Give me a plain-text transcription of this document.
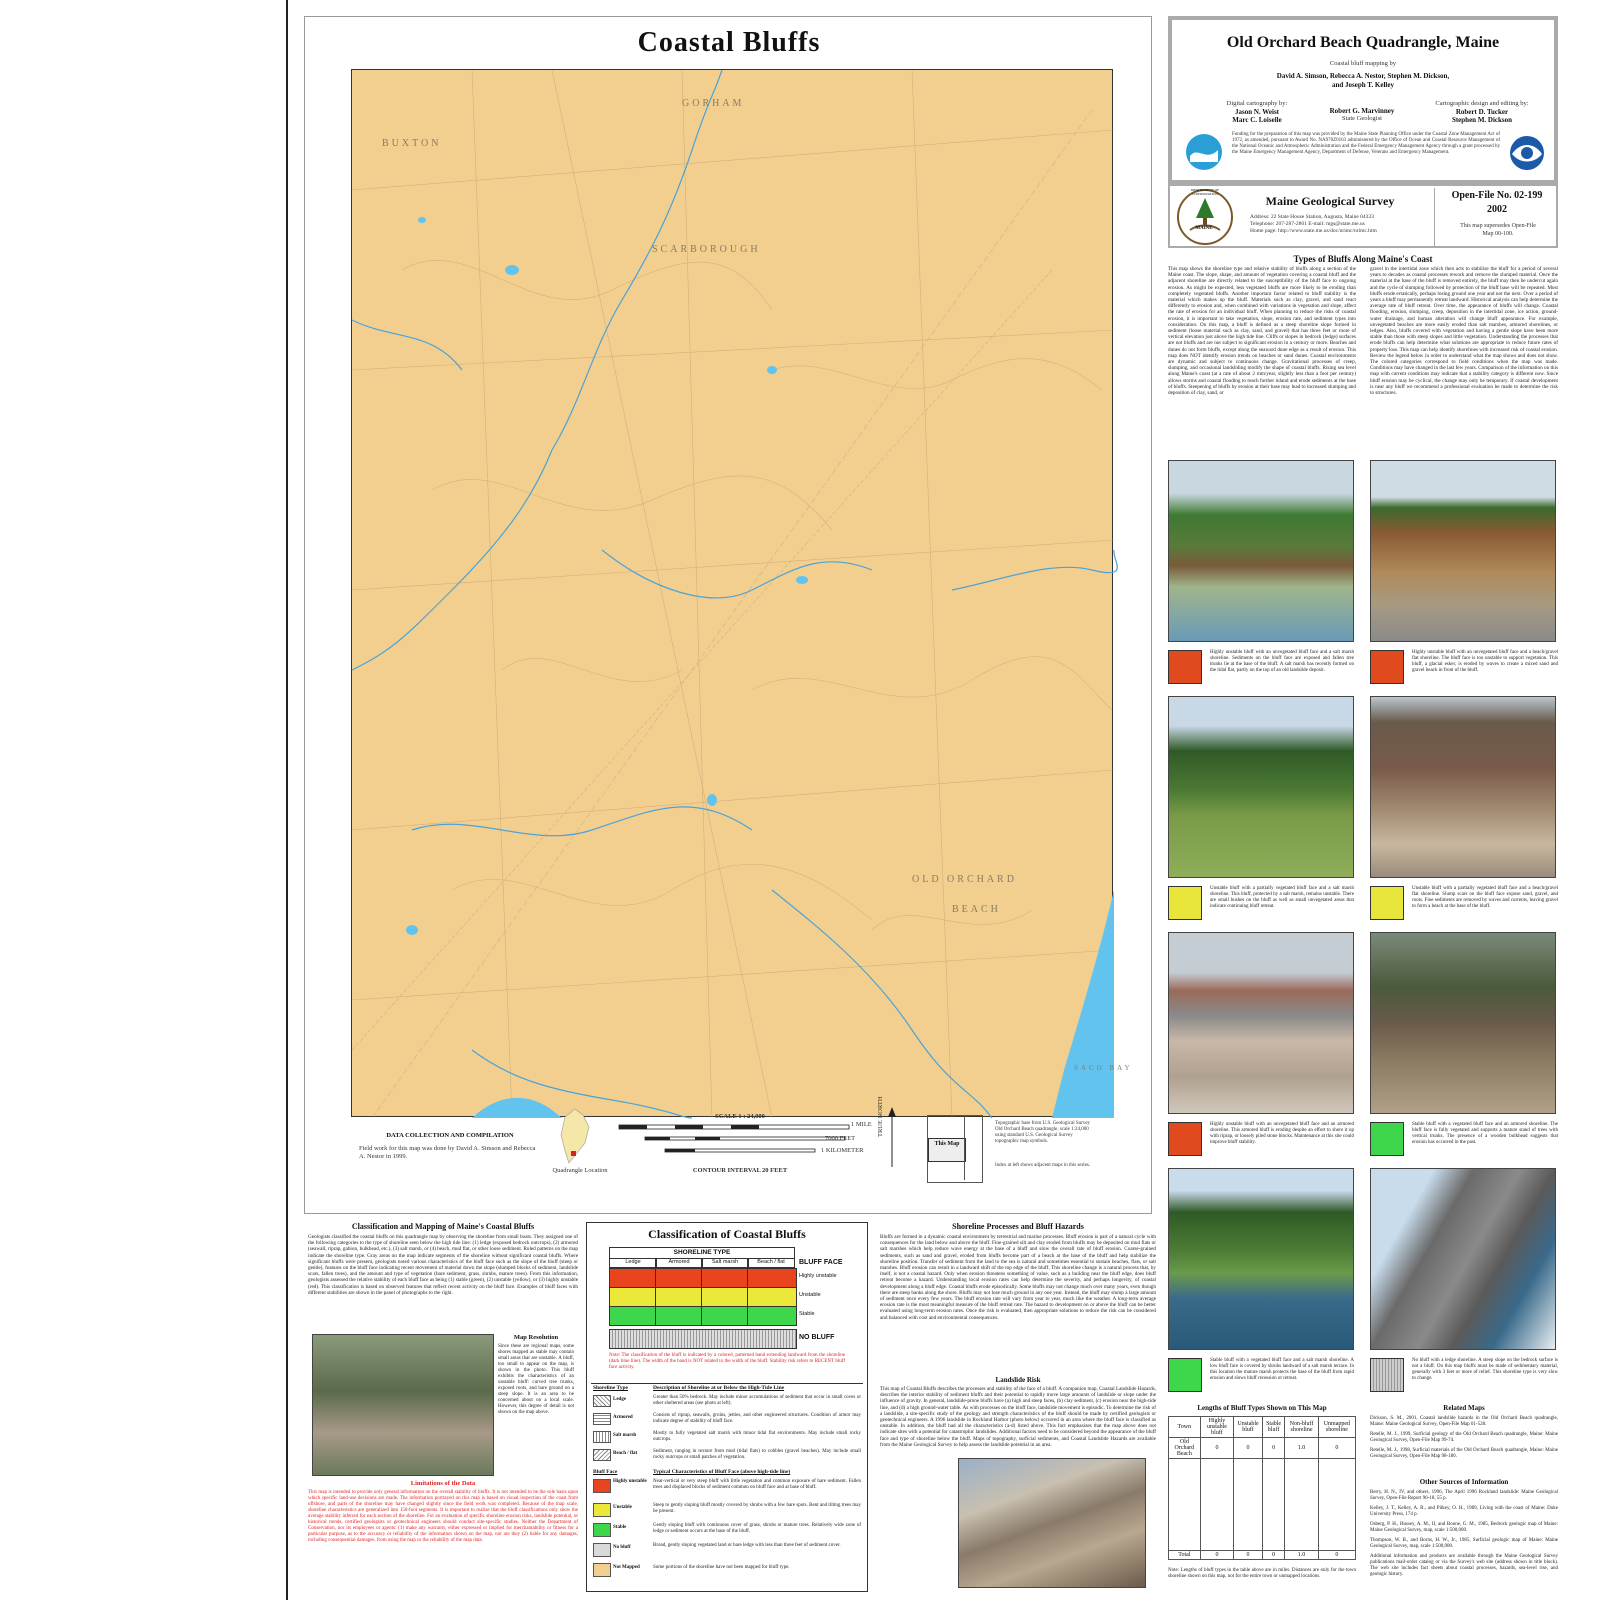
Coastal Bluffs
GORHAM
BUXTON
SCARBOROUGH
OLD ORCHARD
BEACH
SACO BAY
DATA COLLECTION AND COMPILATION
Field work for this map was done by David A. Simson and Rebecca A. Nestor in 1999.
Quadrangle Location
SCALE 1 : 24,000
1 MILE
7000 FEET
1 KILOMETER
CONTOUR INTERVAL 20 FEET
TRUE NORTH
This Map
Topographic base from U.S. Geological Survey Old Orchard Beach quadrangle, scale 1:24,000 using standard U.S. Geological Survey topographic map symbols.
Index at left shows adjacent maps in this series.
Old Orchard Beach Quadrangle, Maine
Coastal bluff mapping by
David A. Simson, Rebecca A. Nestor, Stephen M. Dickson, and Joseph T. Kelley
Digital cartography by:
Jason N. Weist
Marc C. Loiselle
Robert G. Marvinney
State Geologist
Cartographic design and editing by:
Robert D. Tucker
Stephen M. Dickson
Funding for the preparation of this map was provided by the Maine State Planning Office under the Coastal Zone Management Act of 1972, as amended, pursuant to Award No. NA970Z0163 administered by the Office of Ocean and Coastal Resource Management of the National Oceanic and Atmospheric Administration and the Federal Emergency Management Agency through a grant processed by the Maine Emergency Management Agency, Department of Defense, Veterans and Emergency Management.
MAINE
DEPARTMENT OF CONSERVATION	Maine Geological Survey
Address: 22 State House Station, Augusta, Maine 04333
Telephone: 207-287-2801 E-mail: mgs@state.me.us
Home page: http://www.state.me.us/doc/nrimc/nrimc.htm
Open-File No. 02-199
2002
This map supersedes Open-File Map 00-100.
Types of Bluffs Along Maine's Coast
This map shows the shoreline type and relative stability of bluffs along a section of the Maine coast. The slope, shape, and amount of vegetation covering a coastal bluff and the adjacent shoreline are directly related to the susceptibility of the bluff face to ongoing erosion. As might be expected, less vegetated bluffs are more likely to be eroding than completely vegetated bluffs. Another important factor related to bluff stability is the material which makes up the bluff. Materials such as clay, gravel, and sand react differently to erosion and, when combined with variations in vegetation and slope, affect the rate of erosion for an individual bluff. When planning to reduce the risks of coastal erosion, it is important to take vegetation, slope, erosion rate, and sediment types into consideration. On this map, a bluff is defined as a steep shoreline slope formed in sediment (loose material such as clay, sand, and gravel) that has three feet or more of vertical elevation just above the high tide line. Cliffs or slopes in bedrock (ledge) surfaces are not bluffs and are not subject to significant erosion in a century or more. Beaches and dunes do not form bluffs, except along the seaward dune edge as a result of erosion. This map does NOT identify erosion trends on beaches or sand dunes. Coastal environments are dynamic and subject to continuous change. Gravitational processes of creep, slumping, and occasional landsliding modify the shape of coastal bluffs. Rising sea level along Maine's coast (at a rate of about 2 mm/year, slightly less than a foot per century) allows storms and coastal flooding to reach further inland and erode sediments at the base of bluffs. Steepening of bluffs by erosion at their base may lead to increased slumping and deposition of clay, sand, or
gravel in the intertidal zone which then acts to stabilize the bluff for a period of several years to decades as coastal processes rework and remove the slumped material. Once the material at the base of the bluff is removed entirely, the bluff may then be undercut again and the cycle of slumping followed by protection of the bluff base will be repeated. Most bluffs erode erratically, perhaps losing ground one year and not the next. Over a period of years a bluff may permanently retreat landward. Historical analysis can help determine the average rate of bluff retreat. Over time, the appearance of bluffs will change. Coastal flooding, erosion, slumping, creep, deposition in the intertidal zone, ice action, ground-water drainage, and human alteration will change bluff appearance. For example, unvegetated beaches are more easily eroded than salt marshes, armored shorelines, or ledges. Also, bluffs covered with vegetation and having a gentle slope have been more stable than those with steep slopes and little vegetation. Understanding the processes that erode bluffs can help determine what solutions are appropriate to reduce future rates of property loss. This map can help identify shorelines with increased risk of coastal erosion. Review the legend below in order to understand what the map shows and does not show. The colored categories correspond to field conditions when the map was made. Conditions may have changed in the last few years. Comparison of the information on this map with current conditions may indicate that a stability category is different now. Since bluff erosion may be cyclical, the change may only be temporary. If coastal development is near any bluff we recommend a professional evaluation be made to determine the risk to structures.
Highly unstable bluff with an unvegetated bluff face and a salt marsh shoreline. Sediments on the bluff face are exposed and fallen tree trunks lie at the base of the bluff. A salt marsh has recently formed on the tidal flat, partly on the top of an old landslide deposit.
Highly unstable bluff with an unvegetated bluff face and a beach/gravel flat shoreline. The bluff face is too unstable to support vegetation. This bluff, a glacial esker, is eroded by waves to create a mixed sand and gravel beach in front of the bluff.
Unstable bluff with a partially vegetated bluff face and a salt marsh shoreline. This bluff, protected by a salt marsh, remains unstable. There are small bushes on the bluff as well as small unvegetated areas that indicate continuing bluff retreat.
Unstable bluff with a partially vegetated bluff face and a beach/gravel flat shoreline. Slump scars on the bluff face expose sand, gravel, and roots. Fine sediments are removed by waves and currents, leaving gravel to form a beach at the base of the bluff.
Highly unstable bluff with an unvegetated bluff face and an armored shoreline. This armored bluff is eroding despite an effort to shore it up with riprap, or loosely piled stone blocks. Maintenance at this site could improve bluff stability.
Stable bluff with a vegetated bluff face and an armored shoreline. The bluff face is fully vegetated and supports a mature stand of trees with vertical trunks. The presence of a wooden bulkhead suggests that erosion has occurred in the past.
Stable bluff with a vegetated bluff face and a salt marsh shoreline. A low bluff face is covered by shrubs landward of a salt marsh terrace. In this location the mature marsh protects the base of the bluff from rapid erosion and slows bluff recession or retreat.
No bluff with a ledge shoreline. A steep slope on the bedrock surface is not a bluff. On this map bluffs must be made of sedimentary material, generally with 3 feet or more of relief. This shoreline type is very slow to change.
Classification and Mapping of Maine's Coastal Bluffs
Geologists classified the coastal bluffs on this quadrangle map by observing the shoreline from small boats. They assigned one of the following categories to the type of shoreline seen below the high tide line: (1) ledge (exposed bedrock outcrops), (2) armored (seawall, riprap, gabion, bulkhead, etc.), (3) salt marsh, or (4) beach, mud flat, or other loose sediment. Ruled patterns on the map indicate the shoreline type. Gray areas on the map indicate segments of the shoreline without significant coastal bluffs. Where significant bluffs were present, geologists noted various characteristics of the bluff face such as the slope of the bluff (steep or gentle), features on the bluff face indicating recent movement of material down the slope (slumped blocks of sediment, landslide scars, fallen trees), and the amount and type of vegetation (bare sediment, grass, shrubs, mature trees). From this information, geologists assessed the relative stability of each bluff face as being (1) stable (green), (2) unstable (yellow), or (3) highly unstable (red). This classification is based on observed features that reflect recent activity on the bluff face. Examples of bluff faces with different stabilities are shown in the panel of photographs to the right.
Map Resolution
Since these are regional maps, some shores mapped as stable may contain small areas that are unstable. A bluff, too small to appear on the map, is shown in the photo. This bluff exhibits the characteristics of an unstable bluff: curved tree trunks, exposed roots, and bare ground on a steep slope. It is an area to be concerned about on a local scale. However, this degree of detail is not shown on the map above.
Limitations of the Data
This map is intended to provide only general information on the overall stability of bluffs. It is not intended to be the sole basis upon which specific land-use decisions are made. The information portrayed on this map is based on visual inspection of the coast from offshore, and parts of the shoreline may have changed slightly since the field work was completed. Because of the map scale, shoreline characteristics are generalized into 150-foot segments. It is important to realize that the bluff classifications only show the average stability inferred for each section of the shoreline. For an evaluation of specific shoreline erosion risks, landslide potential, or historical trends, certified geologists or geotechnical engineers should conduct site-specific studies. Neither the Department of Conservation, nor its employees or agents: (1) make any warranty, either expressed or implied for merchantability or fitness for a particular purpose, as to the accuracy or reliability of the information shown on the map, nor are they (2) liable for any damages, including consequential damages, from using the map or the reliability of the map data.
Classification of Coastal Bluffs
SHORELINE TYPE
Ledge	Armored	Salt marsh	Beach / flat	BLUFF FACE
Highly unstable
Unstable
Stable
NO BLUFF
Note: The classification of the bluff is indicated by a colored, patterned band extending landward from the shoreline (dark blue line). The width of the band is NOT related to the width of the bluff. Stability risk refers to RECENT bluff face activity.
Shoreline Type	Description of Shoreline at or Below the High-Tide Line
Ledge	Greater than 50% bedrock. May include minor accumulations of sediment that occur in small coves or other sheltered areas (see photo at left).
Armored	Consists of riprap, seawalls, groins, jetties, and other engineered structures. Condition of armor may indicate degree of stability of bluff face.
Salt marsh	Mostly to fully vegetated salt marsh with minor tidal flat environments. May include small rocky outcrops.
Beach / flat	Sediment, ranging in texture from mud (tidal flats) to cobbles (gravel beaches). May include small rocky outcrops or small patches of vegetation.
Bluff Face	Typical Characteristics of Bluff Face (above high-tide line)
Highly unstable	Near-vertical or very steep bluff with little vegetation and common exposure of bare sediment. Fallen trees and displaced blocks of sediment common on bluff face and at base of bluff.
Unstable	Steep to gently sloping bluff mostly covered by shrubs with a few bare spots. Bent and tilting trees may be present.
Stable	Gently sloping bluff with continuous cover of grass, shrubs or mature trees. Relatively wide zone of ledge or sediment occurs at the base of the bluff.
No bluff	Broad, gently sloping vegetated land or bare ledge with less than three feet of sediment cover.
Not Mapped	Some portions of the shoreline have not been mapped for bluff type.
Shoreline Processes and Bluff Hazards
Bluffs are formed in a dynamic coastal environment by terrestrial and marine processes. Bluff erosion is part of a natural cycle with consequences for the land below and above the bluff. Fine-grained silt and clay eroded from bluffs may be deposited on mud flats or salt marshes which help reduce wave energy at the base of a bluff and slow the overall rate of bluff erosion. Coarse-grained sediments, such as sand and gravel, eroded from bluffs become part of a beach at the base of the bluff and help stabilize the shoreline position. Transfer of sediment from the land to the sea is natural and sometimes essential to sustain beaches, flats, or salt marshes. Bluff erosion can result in a landward shift of the top edge of the bluff. This shoreline change is a natural process that, by itself, is not a coastal hazard. Only when erosion threatens something of value, such as a building near the bluff edge, does bluff retreat become a hazard. Understanding local erosion rates can help determine the severity, and perhaps longevity, of coastal development along a bluff edge. Coastal bluffs erode episodically. Some bluffs may not change much over many years, even though there are steep banks along the shore. Bluffs may not lose much ground in any one year. Instead, the bluff may slump a large amount of sediment once every few years. The bluff erosion rate will vary from year to year, much like the weather. A long-term average erosion rate is the most meaningful measure of the bluff retreat rate. The hazard to development on or above the bluff can be better evaluated using long-term erosion rates. Once the risk is evaluated, then appropriate solutions to reduce the risk can be considered and balanced with cost and environmental consequences.
Landslide Risk
This map of Coastal Bluffs describes the processes and stability of the face of a bluff. A companion map, Coastal Landslide Hazards, describes the interior stability of sediment bluffs and their potential to rapidly move large amounts of landslide or slope under the influence of gravity. In general, landslide-prone bluffs have (a) high and steep faces, (b) clay sediment, (c) erosion near the high-tide line, and (d) a high ground-water table. As with processes on the bluff face, landslide movement is episodic. To determine the risk of a landslide, a site-specific study of the geology and strength characteristics of the bluff should be made by certified geologists or geotechnical engineers. A 1996 landslide in Rockland Harbor (photo below) occurred in an area where the bluff face is classified as unstable. In addition, the bluff had all the characteristics (a-d) listed above. This fact emphasizes that the map above does not indicate sites with a potential for catastrophic landslides. Additional factors need to be considered beyond the appearance of the bluff face and type of shoreline below the bluff. Maps of topography, surficial sediments, and Coastal Landslide Hazards are available from the Maine Geological Survey to help assess the landslide potential in an area.
Lengths of Bluff Types Shown on This Map
Town	Highly unstable bluff	Unstable bluff	Stable bluff	Non-bluff shoreline	Unmapped shoreline
Old Orchard Beach	0	0	0	1.0	0

Total	0	0	0	1.0	0
Note: Lengths of bluff types in the table above are in miles. Distances are only for the town shoreline shown on this map, not for the entire town or unmapped locations.
Related Maps
Dickson, S. M., 2001, Coastal landslide hazards in the Old Orchard Beach quadrangle, Maine: Maine Geological Survey, Open-File Map 01-528.
Retelle, M. J., 1999, Surficial geology of the Old Orchard Beach quadrangle, Maine: Maine Geological Survey, Open-File Map 99-74.
Retelle, M. J., 1998, Surficial materials of the Old Orchard Beach quadrangle, Maine: Maine Geological Survey, Open-File Map 98-180.
Other Sources of Information
Berry, H. N., IV, and others, 1996, The April 1996 Rockland landslide: Maine Geological Survey, Open-File Report 96-18, 55 p.
Kelley, J. T., Kelley, A. R., and Pilkey, O. H., 1989, Living with the coast of Maine: Duke University Press, 174 p.
Osberg, P. H., Hussey, A. M., II, and Boone, G. M., 1985, Bedrock geologic map of Maine: Maine Geological Survey, map, scale 1:500,000.
Thompson, W. B., and Borns, H. W., Jr., 1985, Surficial geologic map of Maine: Maine Geological Survey, map, scale 1:500,000.
Additional information and products are available through the Maine Geological Survey publications mail-order catalog or via the Survey's web site (address shown in title block). The web site includes fact sheets about coastal processes, hazards, sea-level rise, and geologic history.
